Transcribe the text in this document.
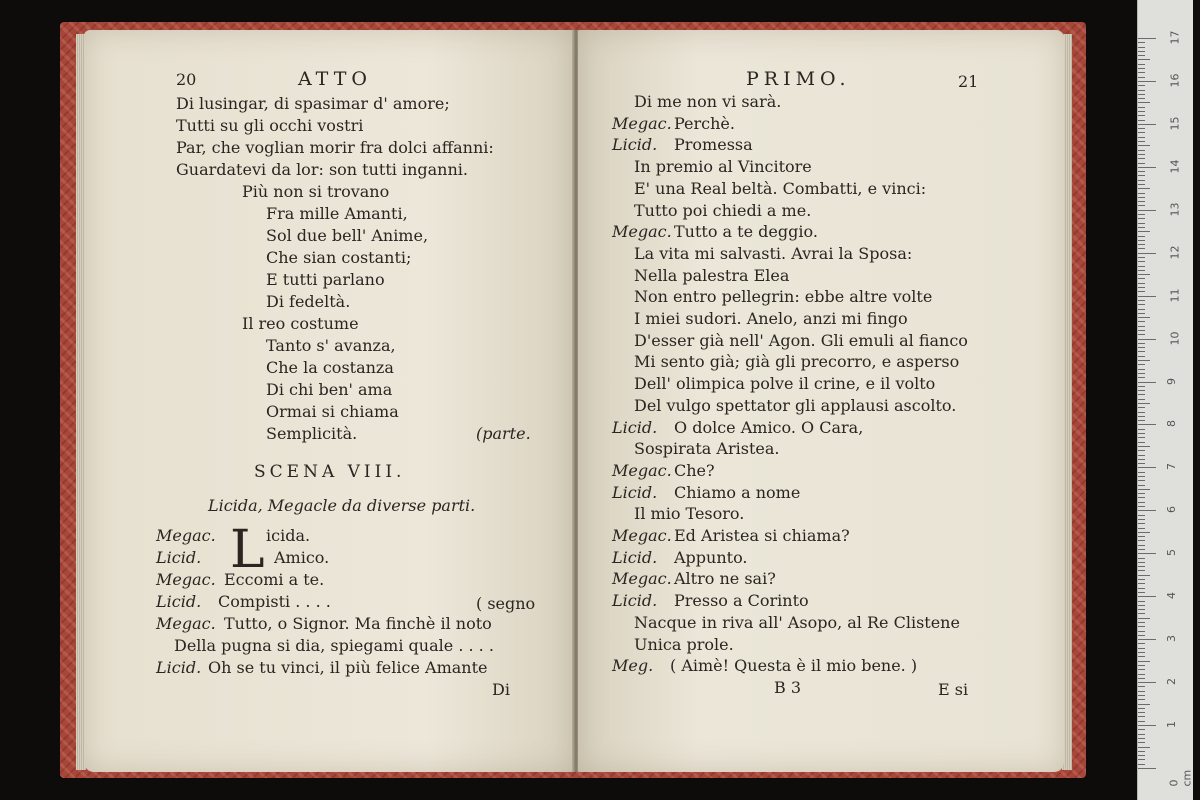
20	ATTO
Di lusingar, di spasimar d' amore;
Tutti su gli occhi vostri
Par, che voglian morir fra dolci affanni:
Guardatevi da lor: son tutti inganni.
Più non si trovano
Fra mille Amanti,
Sol due bell' Anime,
Che sian costanti;
E tutti parlano
Di fedeltà.
Il reo costume
Tanto s' avanza,
Che la costanza
Di chi ben' ama
Ormai si chiama
Semplicità.	(parte.
SCENA VIII.
Licida, Megacle da diverse parti.
L
Megac.	icida.
Licid.	Amico.
Megac. Eccomi a te.
Licid. Compisti . . . .	( segno
Megac. Tutto, o Signor. Ma finchè il noto
Della pugna si dia, spiegami quale . . . .
Licid. Oh se tu vinci, il più felice Amante
Di
PRIMO.	21
Di me non vi sarà.
Megac. Perchè.
Licid. Promessa
In premio al Vincitore
E' una Real beltà. Combatti, e vinci:
Tutto poi chiedi a me.
Megac. Tutto a te deggio.
La vita mi salvasti. Avrai la Sposa:
Nella palestra Elea
Non entro pellegrin: ebbe altre volte
I miei sudori. Anelo, anzi mi fingo
D'esser già nell' Agon. Gli emuli al fianco
Mi sento già; già gli precorro, e asperso
Dell' olimpica polve il crine, e il volto
Del vulgo spettator gli applausi ascolto.
Licid. O dolce Amico. O Cara,
Sospirata Aristea.
Megac. Che?
Licid. Chiamo a nome
Il mio Tesoro.
Megac. Ed Aristea si chiama?
Licid. Appunto.
Megac. Altro ne sai?
Licid. Presso a Corinto
Nacque in riva all' Asopo, al Re Clistene
Unica prole.
Meg. ( Aimè! Questa è il mio bene. )
B 3	E si
17
16
15
14
13
12
11
10
9
8
7
6
5
4
3
2
1
0 cm
